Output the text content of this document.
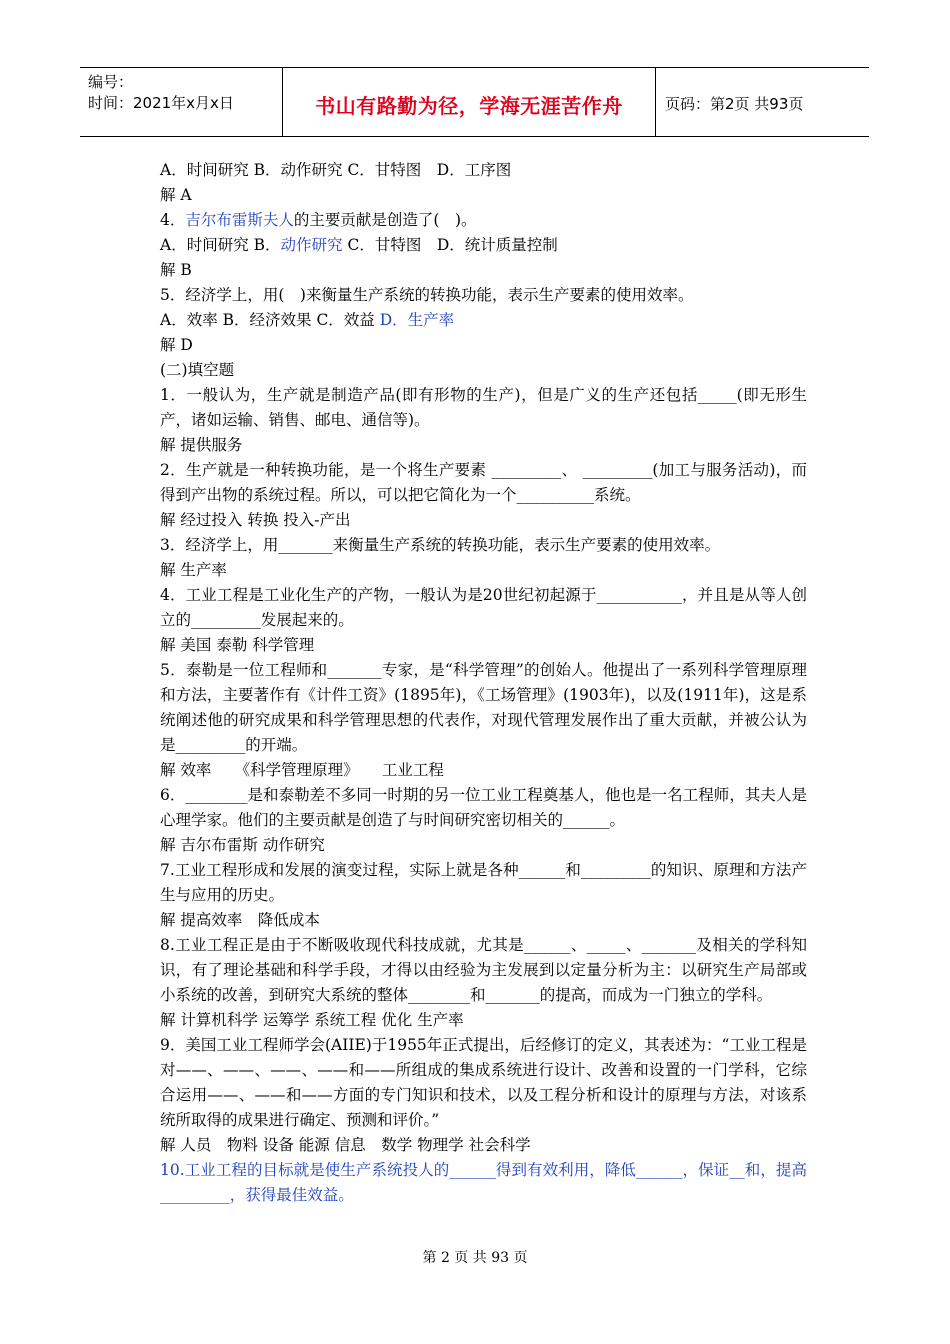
编号：
时间：2021年x月x日	书山有路勤为径，学海无涯苦作舟	页码：第2页 共93页
A．时间研究 B．动作研究 C．甘特图　D．工序图
解 A
4．吉尔布雷斯夫人的主要贡献是创造了(　)。
A．时间研究 B．动作研究 C．甘特图　D．统计质量控制
解 B
5．经济学上，用(　)来衡量生产系统的转换功能，表示生产要素的使用效率。
A．效率 B．经济效果 C．效益 D．生产率
解 D
(二)填空题
1．一般认为，生产就是制造产品(即有形物的生产)，但是广义的生产还包括_____(即无形生产，诸如运输、销售、邮电、通信等)。
解 提供服务
2．生产就是一种转换功能，是一个将生产要素 _________、 _________(加工与服务活动)，而得到产出物的系统过程。所以，可以把它简化为一个__________系统。
解 经过投入 转换 投入-产出
3．经济学上，用_______来衡量生产系统的转换功能，表示生产要素的使用效率。
解 生产率
4．工业工程是工业化生产的产物，一般认为是20世纪初起源于___________，并且是从等人创立的_________发展起来的。
解 美国 泰勒 科学管理
5．泰勒是一位工程师和_______专家，是“科学管理”的创始人。他提出了一系列科学管理原理和方法，主要著作有《计件工资》(1895年)，《工场管理》(1903年)，以及(1911年)，这是系统阐述他的研究成果和科学管理思想的代表作，对现代管理发展作出了重大贡献，并被公认为是_________的开端。
解 效率　　《科学管理原理》　　工业工程
6．________是和泰勒差不多同一时期的另一位工业工程奠基人，他也是一名工程师，其夫人是心理学家。他们的主要贡献是创造了与时间研究密切相关的______。
解 吉尔布雷斯 动作研究
7.工业工程形成和发展的演变过程，实际上就是各种______和_________的知识、原理和方法产生与应用的历史。
解 提高效率　降低成本
8.工业工程正是由于不断吸收现代科技成就，尤其是______、_____、_______及相关的学科知识，有了理论基础和科学手段，才得以由经验为主发展到以定量分析为主：以研究生产局部或小系统的改善，到研究大系统的整体________和_______的提高，而成为一门独立的学科。
解 计算机科学 运筹学 系统工程 优化 生产率
9．美国工业工程师学会(AIIE)于1955年正式提出，后经修订的定义，其表述为：“工业工程是对——、——、——、——和——所组成的集成系统进行设计、改善和设置的一门学科，它综合运用——、——和——方面的专门知识和技术，以及工程分析和设计的原理与方法，对该系统所取得的成果进行确定、预测和评价。”
解 人员　物料 设备 能源 信息　数学 物理学 社会科学
10.工业工程的目标就是使生产系统投人的______得到有效利用，降低______，保证__和，提高_________，获得最佳效益。
第 2 页 共 93 页
